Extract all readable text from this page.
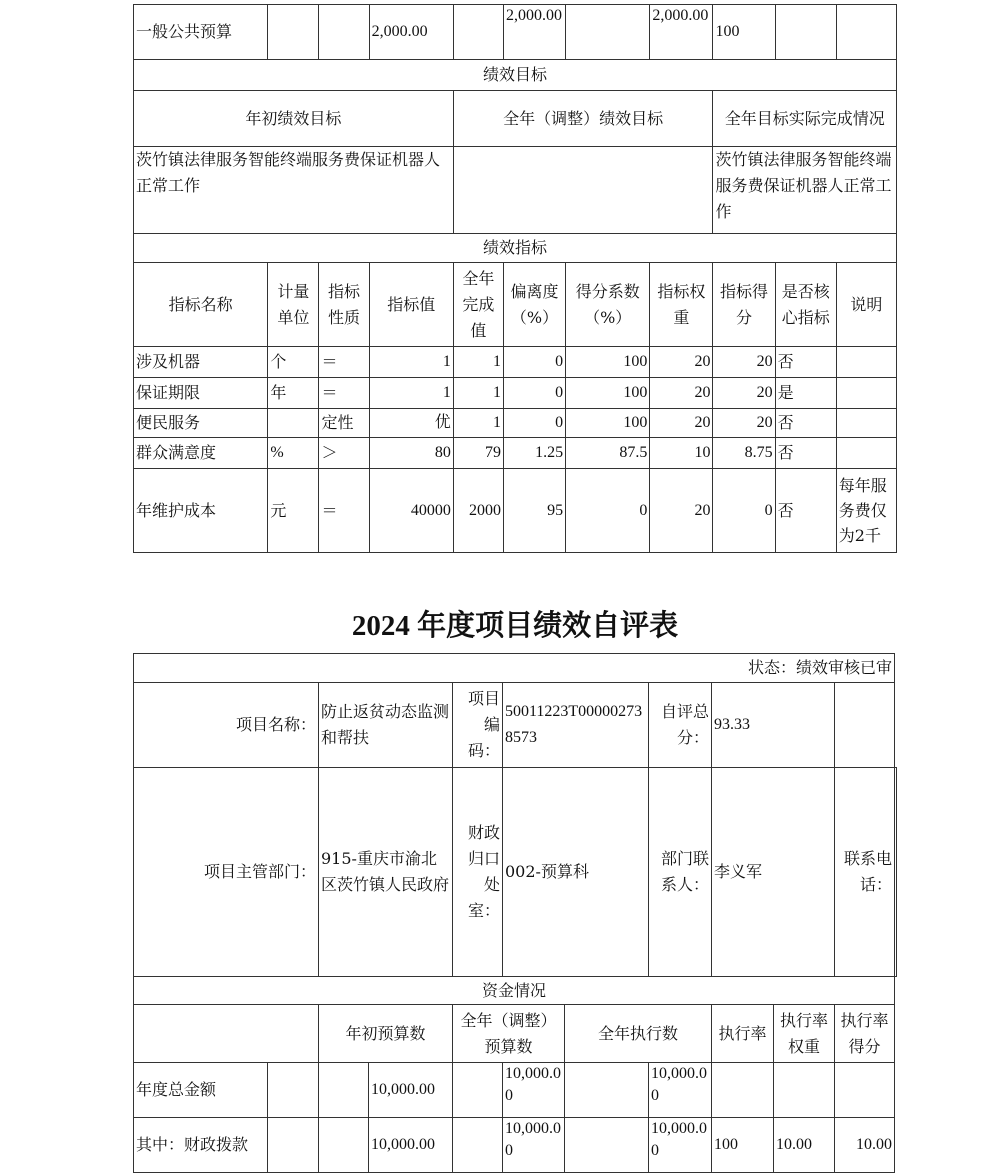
一般公共预算			2,000.00		2,000.00		2,000.00	100		
绩效目标										
年初绩效目标				全年（调整）绩效目标				全年目标实际完成情况		
茨竹镇法律服务智能终端服务费保证机器人正常工作								茨竹镇法律服务智能终端服务费保证机器人正常工作		
绩效指标										
指标名称	计量单位	指标性质	指标值	全年完成值	偏离度（%）	得分系数（%）	指标权重	指标得分	是否核心指标	说明
涉及机器	个	＝	1	1	0	100	20	20	否	
保证期限	年	＝	1	1	0	100	20	20	是	
便民服务		定性	优	1	0	100	20	20	否	
群众满意度	%	＞	80	79	1.25	87.5	10	8.75	否	
年维护成本	元	＝	40000	2000	95	0	20	0	否	每年服务费仅为2千
2024 年度项目绩效自评表
状态：绩效审核已审											
项目名称：		防止返贫动态监测和帮扶		项目编码：	50011223T000002738573		自评总分：	93.33			
项目主管部门：		915-重庆市渝北区茨竹镇人民政府		财政归口处室：	002-预算科		部门联系人：	李义军		联系电话：	
资金情况											
		年初预算数		全年（调整）预算数		全年执行数		执行率	执行率权重	执行率得分	
年度总金额			10,000.00		10,000.00		10,000.00				
其中：财政拨款			10,000.00		10,000.00		10,000.00	100	10.00	10.00	
